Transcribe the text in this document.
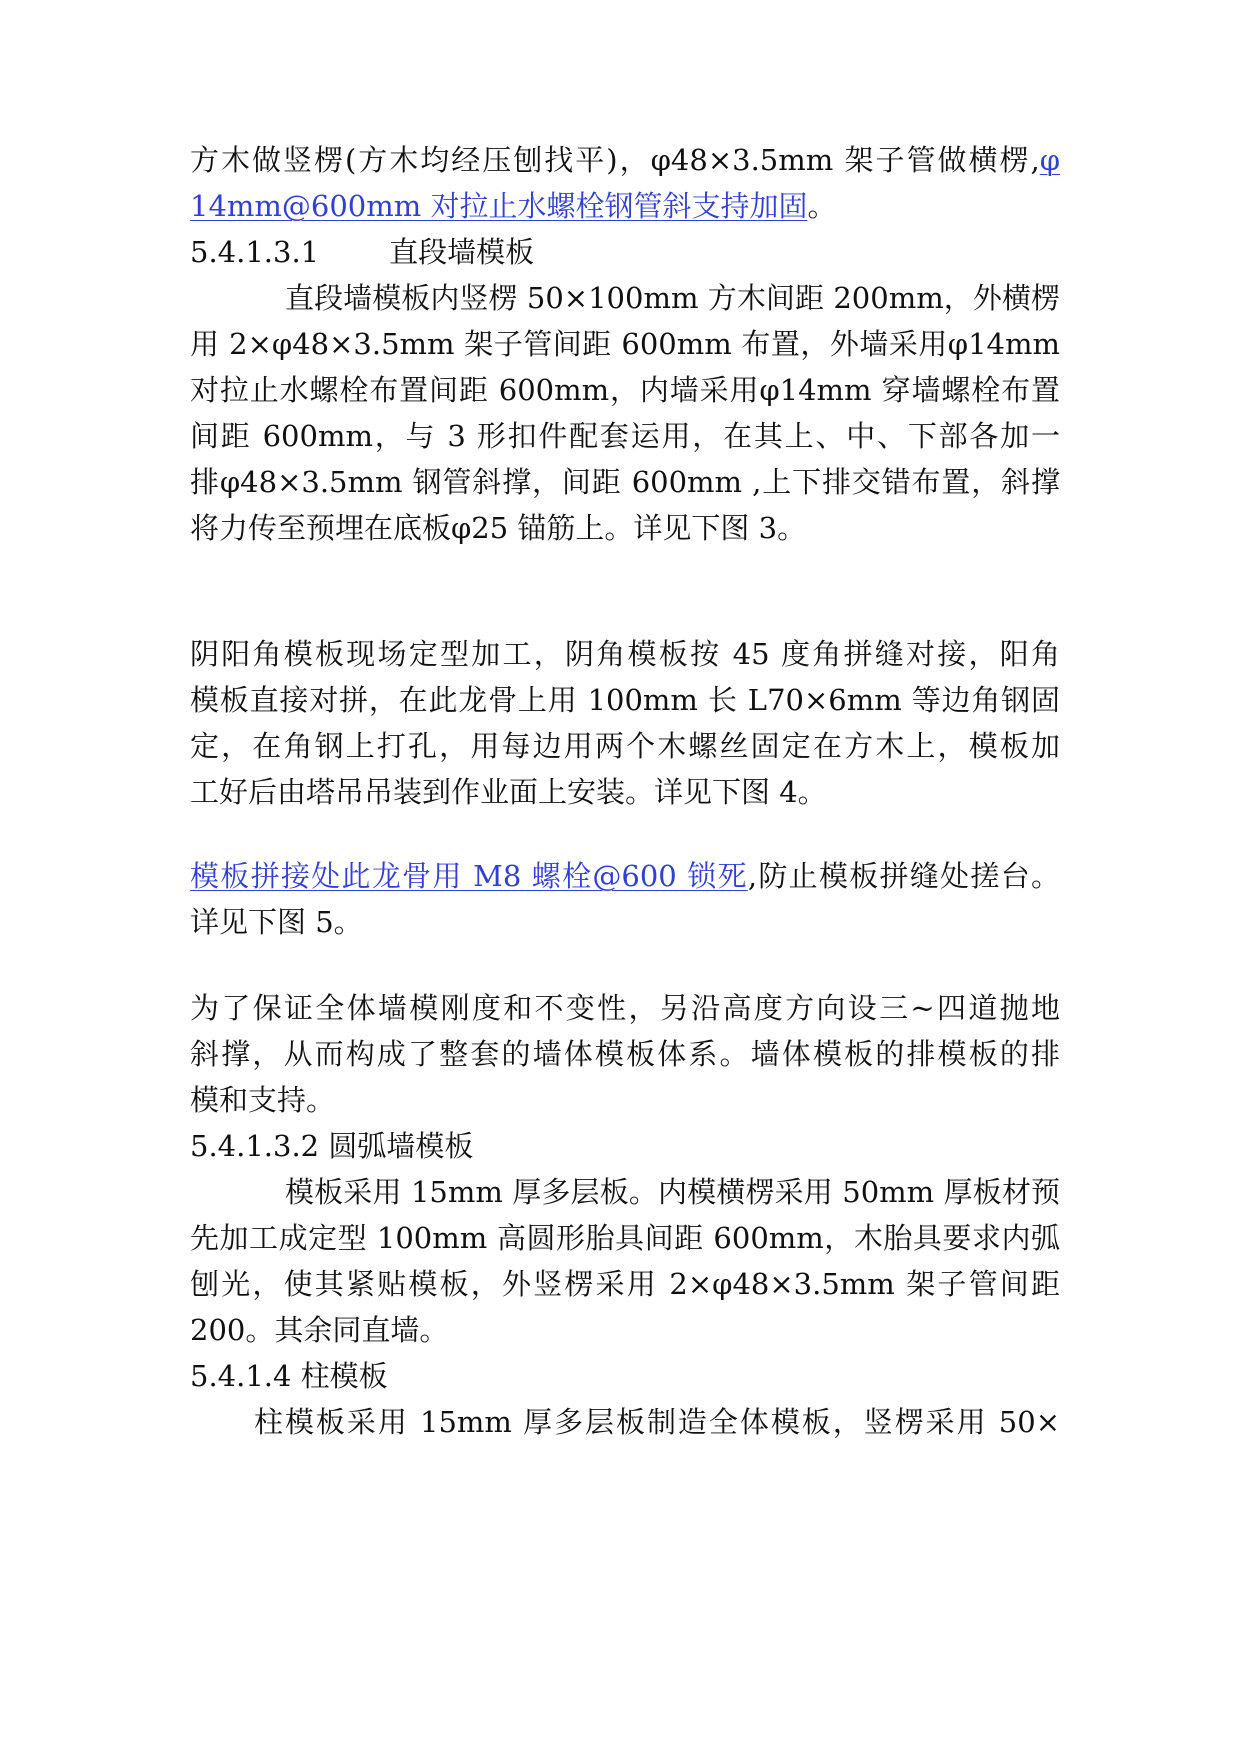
方木做竖楞(方木均经压刨找平)，φ48×3.5mm 架子管做横楞,φ
14mm@600mm 对拉止水螺栓钢管斜支持加固。
5.4.1.3.1 直段墙模板
直段墙模板内竖楞 50×100mm 方木间距 200mm，外横楞
用 2×φ48×3.5mm 架子管间距 600mm 布置，外墙采用φ14mm
对拉止水螺栓布置间距 600mm，内墙采用φ14mm 穿墙螺栓布置
间距 600mm，与 3 形扣件配套运用，在其上、中、下部各加一
排φ48×3.5mm 钢管斜撑，间距 600mm ,上下排交错布置，斜撑
将力传至预埋在底板φ25 锚筋上。详见下图 3。
阴阳角模板现场定型加工，阴角模板按 45 度角拼缝对接，阳角
模板直接对拼，在此龙骨上用 100mm 长 L70×6mm 等边角钢固
定，在角钢上打孔，用每边用两个木螺丝固定在方木上，模板加
工好后由塔吊吊装到作业面上安装。详见下图 4。
模板拼接处此龙骨用 M8 螺栓@600 锁死,防止模板拼缝处搓台。
详见下图 5。
为了保证全体墙模刚度和不变性，另沿高度方向设三~四道抛地
斜撑，从而构成了整套的墙体模板体系。墙体模板的排模板的排
模和支持。
5.4.1.3.2 圆弧墙模板
模板采用 15mm 厚多层板。内模横楞采用 50mm 厚板材预
先加工成定型 100mm 高圆形胎具间距 600mm，木胎具要求内弧
刨光，使其紧贴模板，外竖楞采用 2×φ48×3.5mm 架子管间距
200。其余同直墙。
5.4.1.4 柱模板
柱模板采用 15mm 厚多层板制造全体模板，竖楞采用 50×
